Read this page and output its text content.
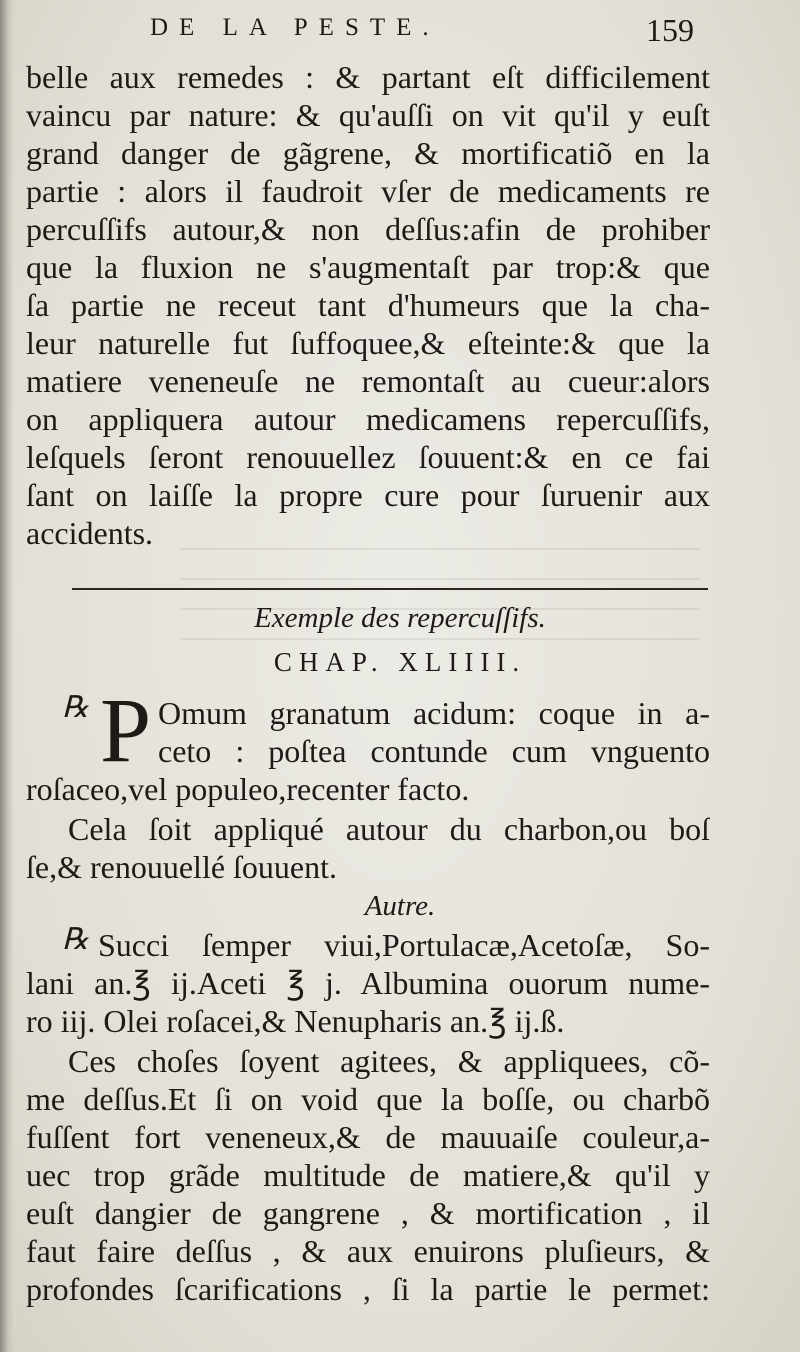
DE LA PESTE.	159
belle aux remedes : & partant eſt difficilement
vaincu par nature: & qu'auſſi on vit qu'il y euſt
grand danger de gãgrene, & mortificatiõ en la
partie : alors il faudroit vſer de medicaments re
percuſſifs autour,& non deſſus:afin de prohiber
que la fluxion ne s'augmentaſt par trop:& que
ſa partie ne receut tant d'humeurs que la cha-
leur naturelle fut ſuffoquee,& eſteinte:& que la
matiere veneneuſe ne remontaſt au cueur:alors
on appliquera autour medicamens repercuſſifs,
leſquels ſeront renouuellez ſouuent:& en ce fai
ſant on laiſſe la propre cure pour ſuruenir aux
accidents.
Exemple des repercuſſifs.
CHAP. XLIIII.
℞ P Omum granatum acidum: coque in a-
ceto : poſtea contunde cum vnguento
roſaceo,vel populeo,recenter facto.
Cela ſoit appliqué autour du charbon,ou boſ
ſe,& renouuellé ſouuent.
Autre.
℞ Succi ſemper viui,Portulacæ,Acetoſæ, So-
lani an.℥ ij.Aceti ℥ j. Albumina ouorum nume-
ro iij. Olei roſacei,& Nenupharis an.℥ ij.ß.
Ces choſes ſoyent agitees, & appliquees, cõ-
me deſſus.Et ſi on void que la boſſe, ou charbõ
fuſſent fort veneneux,& de mauuaiſe couleur,a-
uec trop grãde multitude de matiere,& qu'il y
euſt dangier de gangrene , & mortification , il
faut faire deſſus , & aux enuirons pluſieurs, &
profondes ſcarifications , ſi la partie le permet:
